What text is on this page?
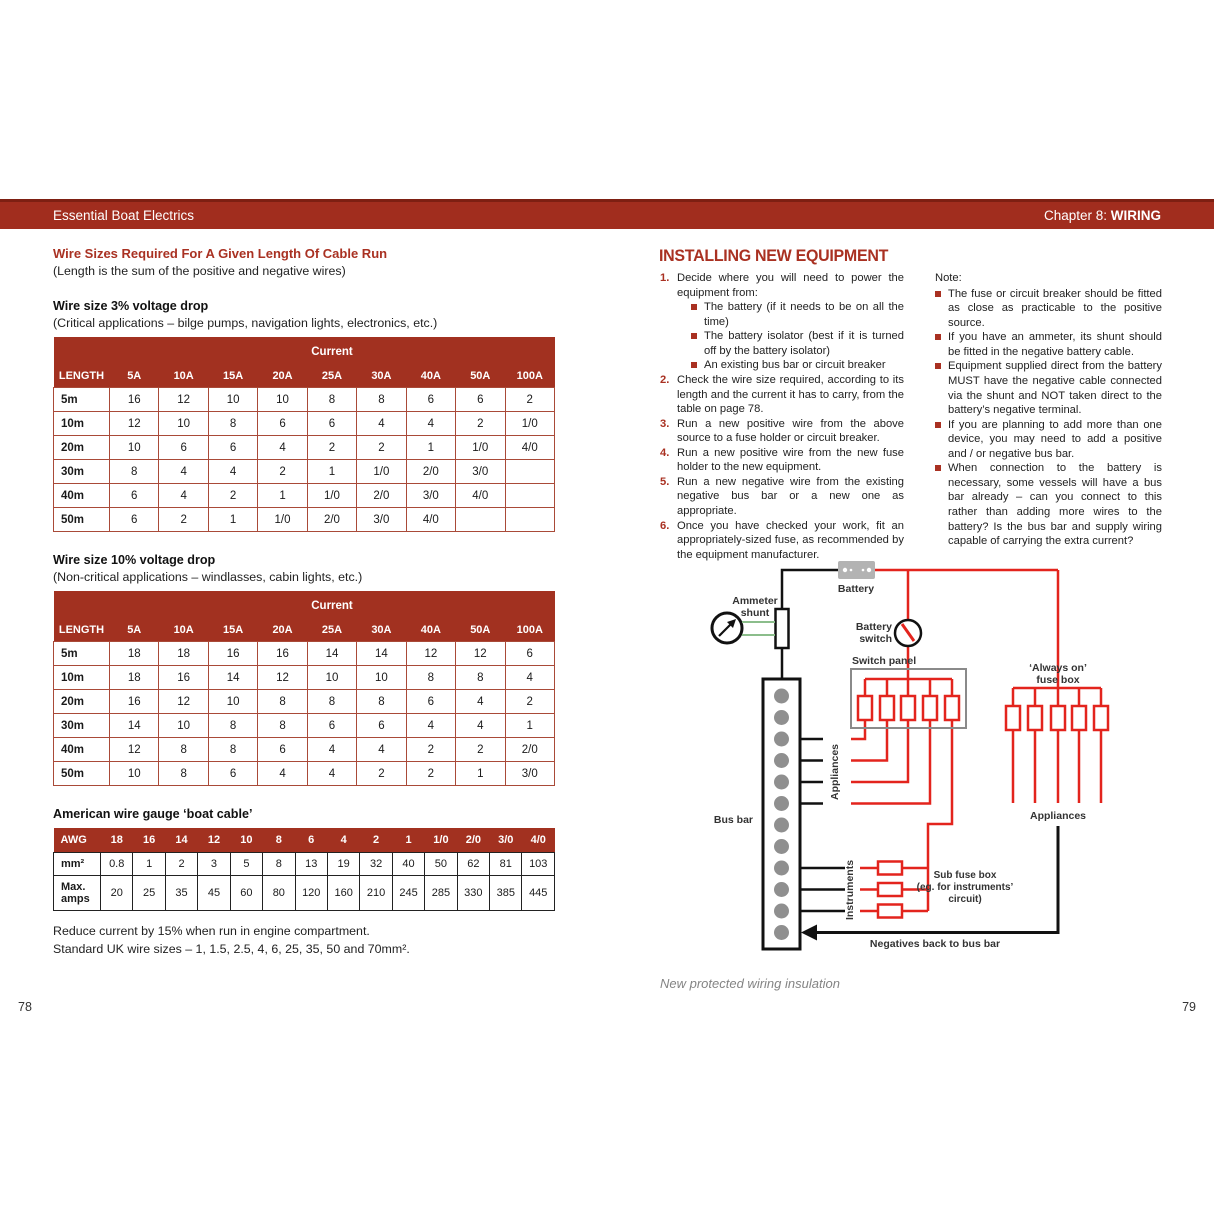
Essential Boat Electrics	Chapter 8: WIRING
Wire Sizes Required For A Given Length Of Cable Run
(Length is the sum of the positive and negative wires)
Wire size 3% voltage drop
(Critical applications – bilge pumps, navigation lights, electronics, etc.)
	Current								
LENGTH	5A	10A	15A	20A	25A	30A	40A	50A	100A
5m	16	12	10	10	8	8	6	6	2
10m	12	10	8	6	6	4	4	2	1/0
20m	10	6	6	4	2	2	1	1/0	4/0
30m	8	4	4	2	1	1/0	2/0	3/0	
40m	6	4	2	1	1/0	2/0	3/0	4/0	
50m	6	2	1	1/0	2/0	3/0	4/0		
Wire size 10% voltage drop
(Non-critical applications – windlasses, cabin lights, etc.)
	Current								
LENGTH	5A	10A	15A	20A	25A	30A	40A	50A	100A
5m	18	18	16	16	14	14	12	12	6
10m	18	16	14	12	10	10	8	8	4
20m	16	12	10	8	8	8	6	4	2
30m	14	10	8	8	6	6	4	4	1
40m	12	8	8	6	4	4	2	2	2/0
50m	10	8	6	4	4	2	2	1	3/0
American wire gauge ‘boat cable’
AWG	18	16	14	12	10	8	6	4	2	1	1/0	2/0	3/0	4/0
mm²	0.8	1	2	3	5	8	13	19	32	40	50	62	81	103
Max. amps	20	25	35	45	60	80	120	160	210	245	285	330	385	445
Reduce current by 15% when run in engine compartment.
Standard UK wire sizes – 1, 1.5, 2.5, 4, 6, 25, 35, 50 and 70mm².
78	79
INSTALLING NEW EQUIPMENT
1. Decide where you will need to power the equipment from:
The battery (if it needs to be on all the time)
The battery isolator (best if it is turned off by the battery isolator)
An existing bus bar or circuit breaker
2. Check the wire size required, according to its length and the current it has to carry, from the table on page 78.
3. Run a new positive wire from the above source to a fuse holder or circuit breaker.
4. Run a new positive wire from the new fuse holder to the new equipment.
5. Run a new negative wire from the existing negative bus bar or a new one as appropriate.
6. Once you have checked your work, fit an appropriately-sized fuse, as recommended by the equipment manufacturer.
Note:
The fuse or circuit breaker should be fitted as close as practicable to the positive source.
If you have an ammeter, its shunt should be fitted in the negative battery cable.
Equipment supplied direct from the battery MUST have the negative cable connected via the shunt and NOT taken direct to the battery’s negative terminal.
If you are planning to add more than one device, you may need to add a positive and / or negative bus bar.
When connection to the battery is necessary, some vessels will have a bus bar already – can you connect to this rather than adding more wires to the battery? Is the bus bar and supply wiring capable of carrying the extra current?
Battery
Ammeter
shunt
Battery
switch
Switch panel
‘Always on’
fuse box
Bus bar
Appliances
Instruments	Sub fuse box
(eg. for instruments’
circuit)
Appliances
Negatives back to bus bar
New protected wiring insulation
